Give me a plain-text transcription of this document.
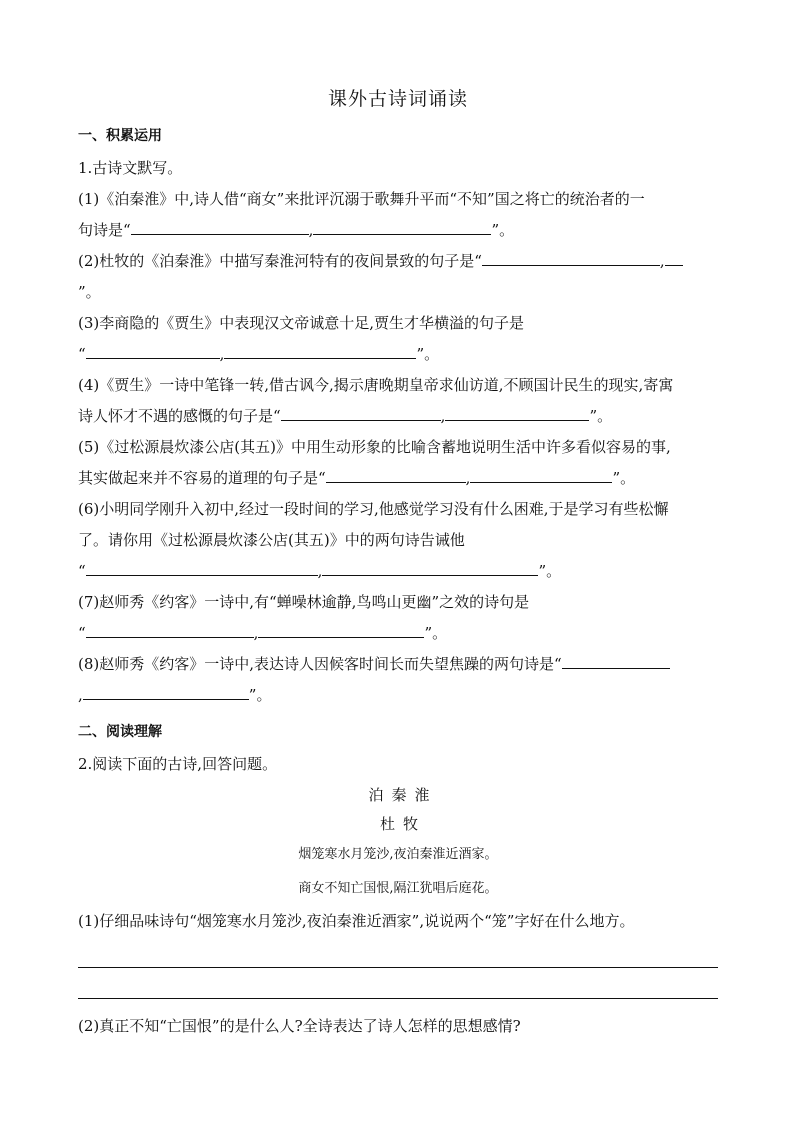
课外古诗词诵读
一、积累运用
1.古诗文默写。
(1)《泊秦淮》中,诗人借“商女”来批评沉溺于歌舞升平而“不知”国之将亡的统治者的一
句诗是“	,	”。
(2)杜牧的《泊秦淮》中描写秦淮河特有的夜间景致的句子是“	,
”。
(3)李商隐的《贾生》中表现汉文帝诚意十足,贾生才华横溢的句子是
“	,	”。
(4)《贾生》一诗中笔锋一转,借古讽今,揭示唐晚期皇帝求仙访道,不顾国计民生的现实,寄寓
诗人怀才不遇的感慨的句子是“	,	”。
(5)《过松源晨炊漆公店(其五)》中用生动形象的比喻含蓄地说明生活中许多看似容易的事,
其实做起来并不容易的道理的句子是“	,	”。
(6)小明同学刚升入初中,经过一段时间的学习,他感觉学习没有什么困难,于是学习有些松懈
了。请你用《过松源晨炊漆公店(其五)》中的两句诗告诫他
“	,	”。
(7)赵师秀《约客》一诗中,有“蝉噪林逾静,鸟鸣山更幽”之效的诗句是
“	,	”。
(8)赵师秀《约客》一诗中,表达诗人因候客时间长而失望焦躁的两句诗是“
,	”。
二、阅读理解
2.阅读下面的古诗,回答问题。
泊秦淮
杜牧
烟笼寒水月笼沙,夜泊秦淮近酒家。
商女不知亡国恨,隔江犹唱后庭花。
(1)仔细品味诗句“烟笼寒水月笼沙,夜泊秦淮近酒家”,说说两个“笼”字好在什么地方。
(2)真正不知“亡国恨”的是什么人?全诗表达了诗人怎样的思想感情?
